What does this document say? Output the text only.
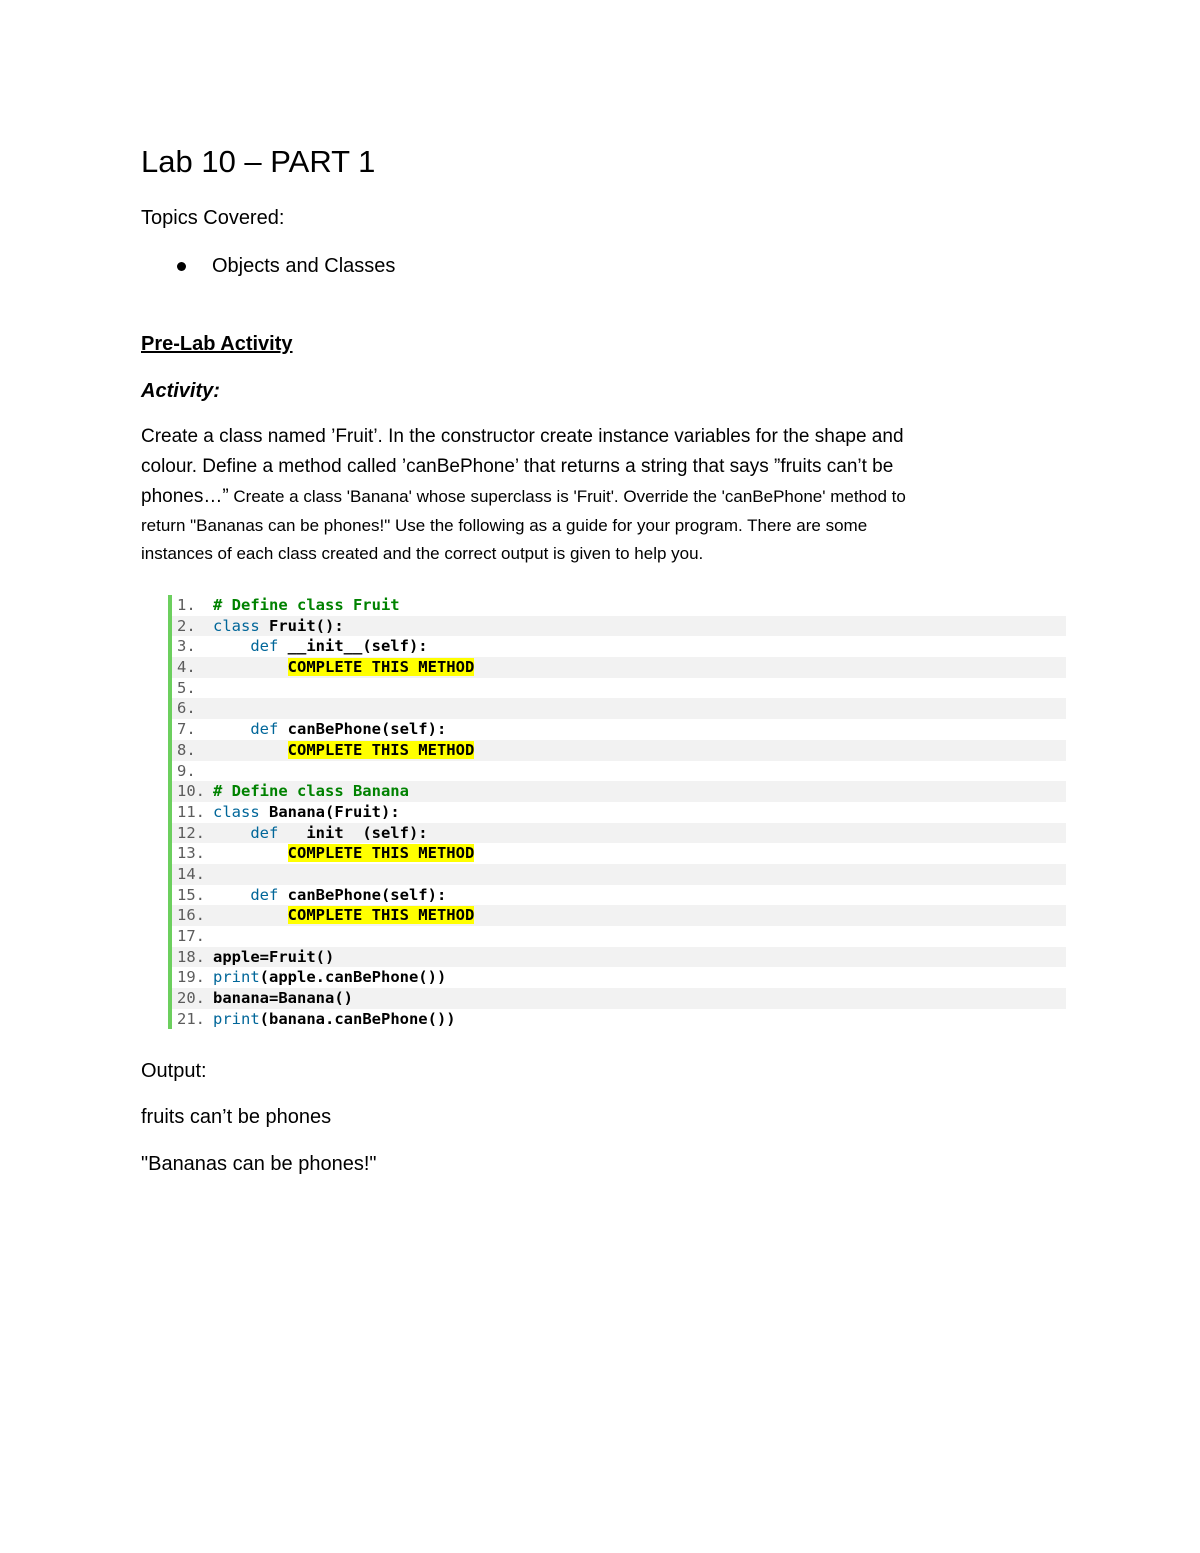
Lab 10 – PART 1
Topics Covered:
Objects and Classes
Pre-Lab Activity
Activity:
Create a class named ’Fruit’. In the constructor create instance variables for the shape and
colour. Define a method called ’canBePhone’ that returns a string that says ”fruits can’t be
phones…” Create a class 'Banana' whose superclass is 'Fruit'. Override the 'canBePhone' method to
return "Bananas can be phones!" Use the following as a guide for your program. There are some
instances of each class created and the correct output is given to help you.
1. # Define class Fruit
2. class Fruit():
3.	def __init__(self):
4.	COMPLETE THIS METHOD
5.
6.
7.	def canBePhone(self):
8.	COMPLETE THIS METHOD
9.
10. # Define class Banana
11. class Banana(Fruit):
12.	def   init  (self):
13.	COMPLETE THIS METHOD
14.
15.	def canBePhone(self):
16.	COMPLETE THIS METHOD
17.
18. apple=Fruit()
19. print(apple.canBePhone())
20. banana=Banana()
21. print(banana.canBePhone())
Output:
fruits can’t be phones
"Bananas can be phones!"
